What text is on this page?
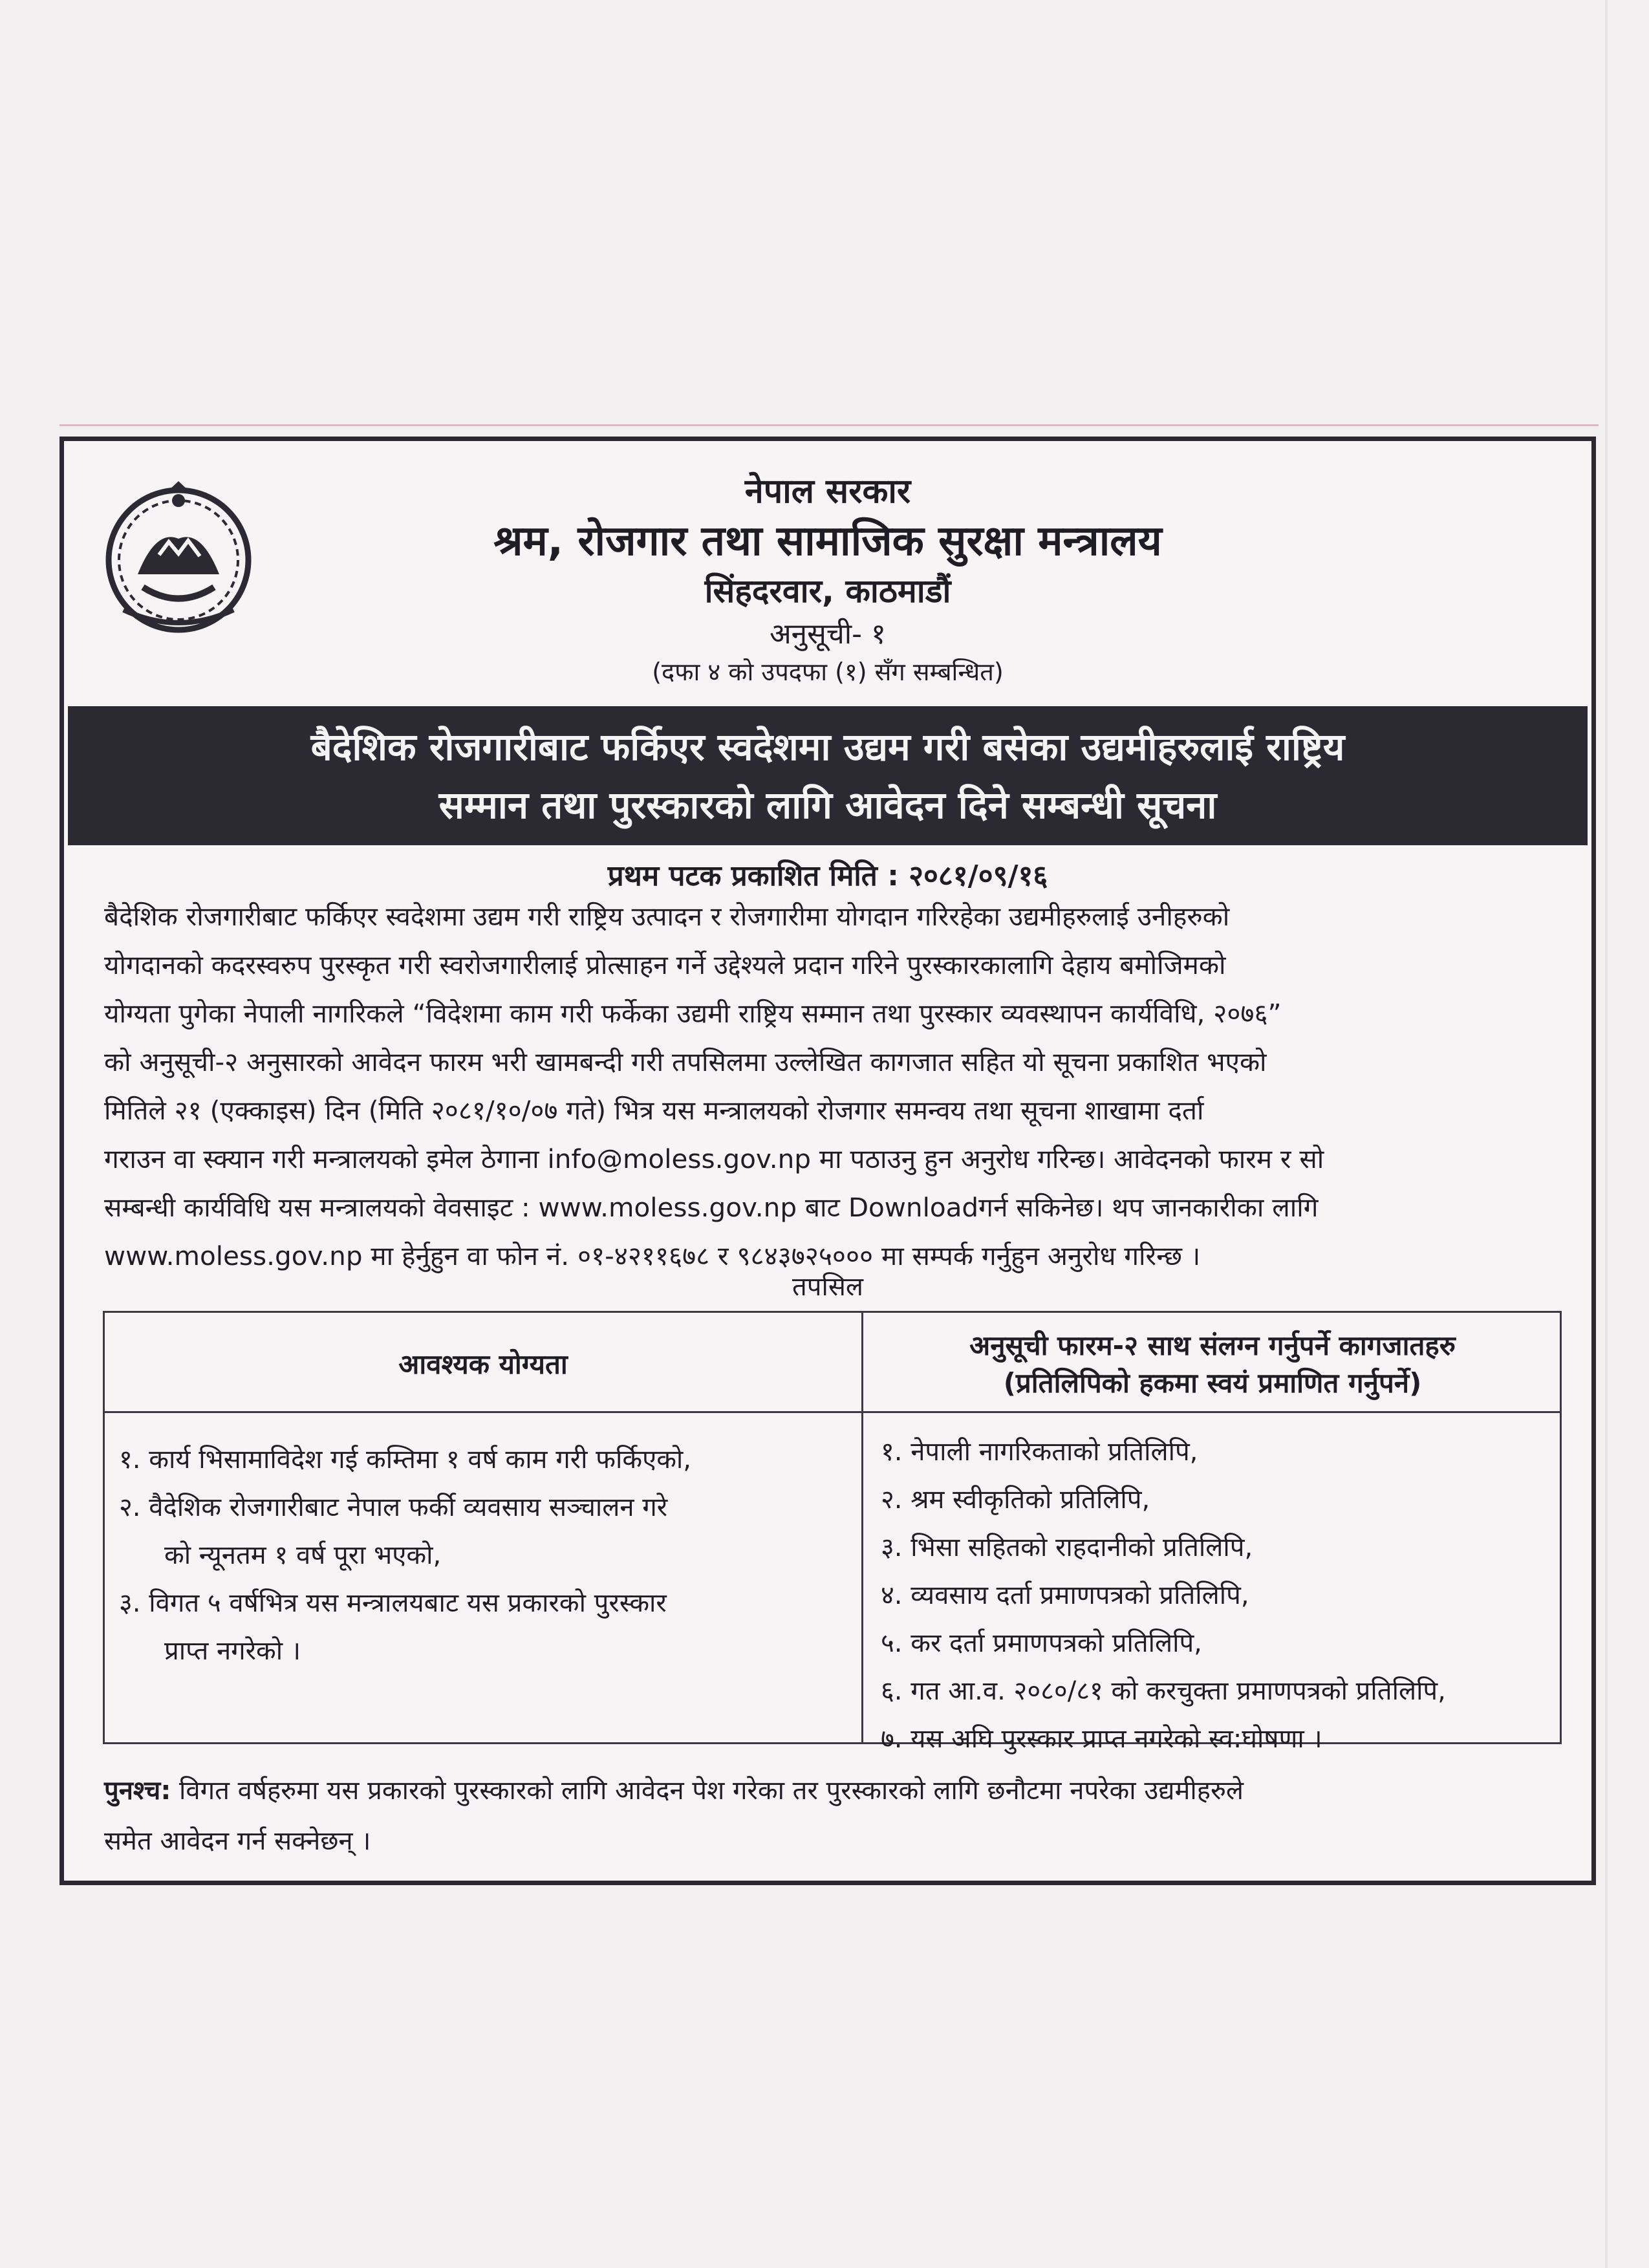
नेपाल सरकार
श्रम, रोजगार तथा सामाजिक सुरक्षा मन्त्रालय
सिंहदरवार, काठमाडौं
अनुसूची- १
(दफा ४ को उपदफा (१) सँग सम्बन्धित)
बैदेशिक रोजगारीबाट फर्किएर स्वदेशमा उद्यम गरी बसेका उद्यमीहरुलाई राष्ट्रिय
सम्मान तथा पुरस्कारको लागि आवेदन दिने सम्बन्धी सूचना
प्रथम पटक प्रकाशित मिति : २०८१/०९/१६
बैदेशिक रोजगारीबाट फर्किएर स्वदेशमा उद्यम गरी राष्ट्रिय उत्पादन र रोजगारीमा योगदान गरिरहेका उद्यमीहरुलाई उनीहरुको
योगदानको कदरस्वरुप पुरस्कृत गरी स्वरोजगारीलाई प्रोत्साहन गर्ने उद्देश्यले प्रदान गरिने पुरस्कारकालागि देहाय बमोजिमको
योग्यता पुगेका नेपाली नागरिकले “विदेशमा काम गरी फर्केका उद्यमी राष्ट्रिय सम्मान तथा पुरस्कार व्यवस्थापन कार्यविधि, २०७६”
को अनुसूची-२ अनुसारको आवेदन फारम भरी खामबन्दी गरी तपसिलमा उल्लेखित कागजात सहित यो सूचना प्रकाशित भएको
मितिले २१ (एक्काइस) दिन (मिति २०८१/१०/०७ गते) भित्र यस मन्त्रालयको रोजगार समन्वय तथा सूचना शाखामा दर्ता
गराउन वा स्क्यान गरी मन्त्रालयको इमेल ठेगाना info@moless.gov.np मा पठाउनु हुन अनुरोध गरिन्छ। आवेदनको फारम र सो
सम्बन्धी कार्यविधि यस मन्त्रालयको वेवसाइट : www.moless.gov.np बाट Downloadगर्न सकिनेछ। थप जानकारीका लागि
www.moless.gov.np मा हेर्नुहुन वा फोन नं. ०१-४२११६७८ र ९८४३७२५००० मा सम्पर्क गर्नुहुन अनुरोध गरिन्छ ।
तपसिल
आवश्यक योग्यता
अनुसूची फारम-२ साथ संलग्न गर्नुपर्ने कागजातहरु
(प्रतिलिपिको हकमा स्वयं प्रमाणित गर्नुपर्ने)
१. कार्य भिसामाविदेश गई कम्तिमा १ वर्ष काम गरी फर्किएको,
२. वैदेशिक रोजगारीबाट नेपाल फर्की व्यवसाय सञ्चालन गरे
को न्यूनतम १ वर्ष पूरा भएको,
३. विगत ५ वर्षभित्र यस मन्त्रालयबाट यस प्रकारको पुरस्कार
प्राप्त नगरेको ।
१. नेपाली नागरिकताको प्रतिलिपि,
२. श्रम स्वीकृतिको प्रतिलिपि,
३. भिसा सहितको राहदानीको प्रतिलिपि,
४. व्यवसाय दर्ता प्रमाणपत्रको प्रतिलिपि,
५. कर दर्ता प्रमाणपत्रको प्रतिलिपि,
६. गत आ.व. २०८०/८१ को करचुक्ता प्रमाणपत्रको प्रतिलिपि,
७. यस अघि पुरस्कार प्राप्त नगरेको स्व:घोषणा ।
पुनश्च: विगत वर्षहरुमा यस प्रकारको पुरस्कारको लागि आवेदन पेश गरेका तर पुरस्कारको लागि छनौटमा नपरेका उद्यमीहरुले
समेत आवेदन गर्न सक्नेछन् ।
